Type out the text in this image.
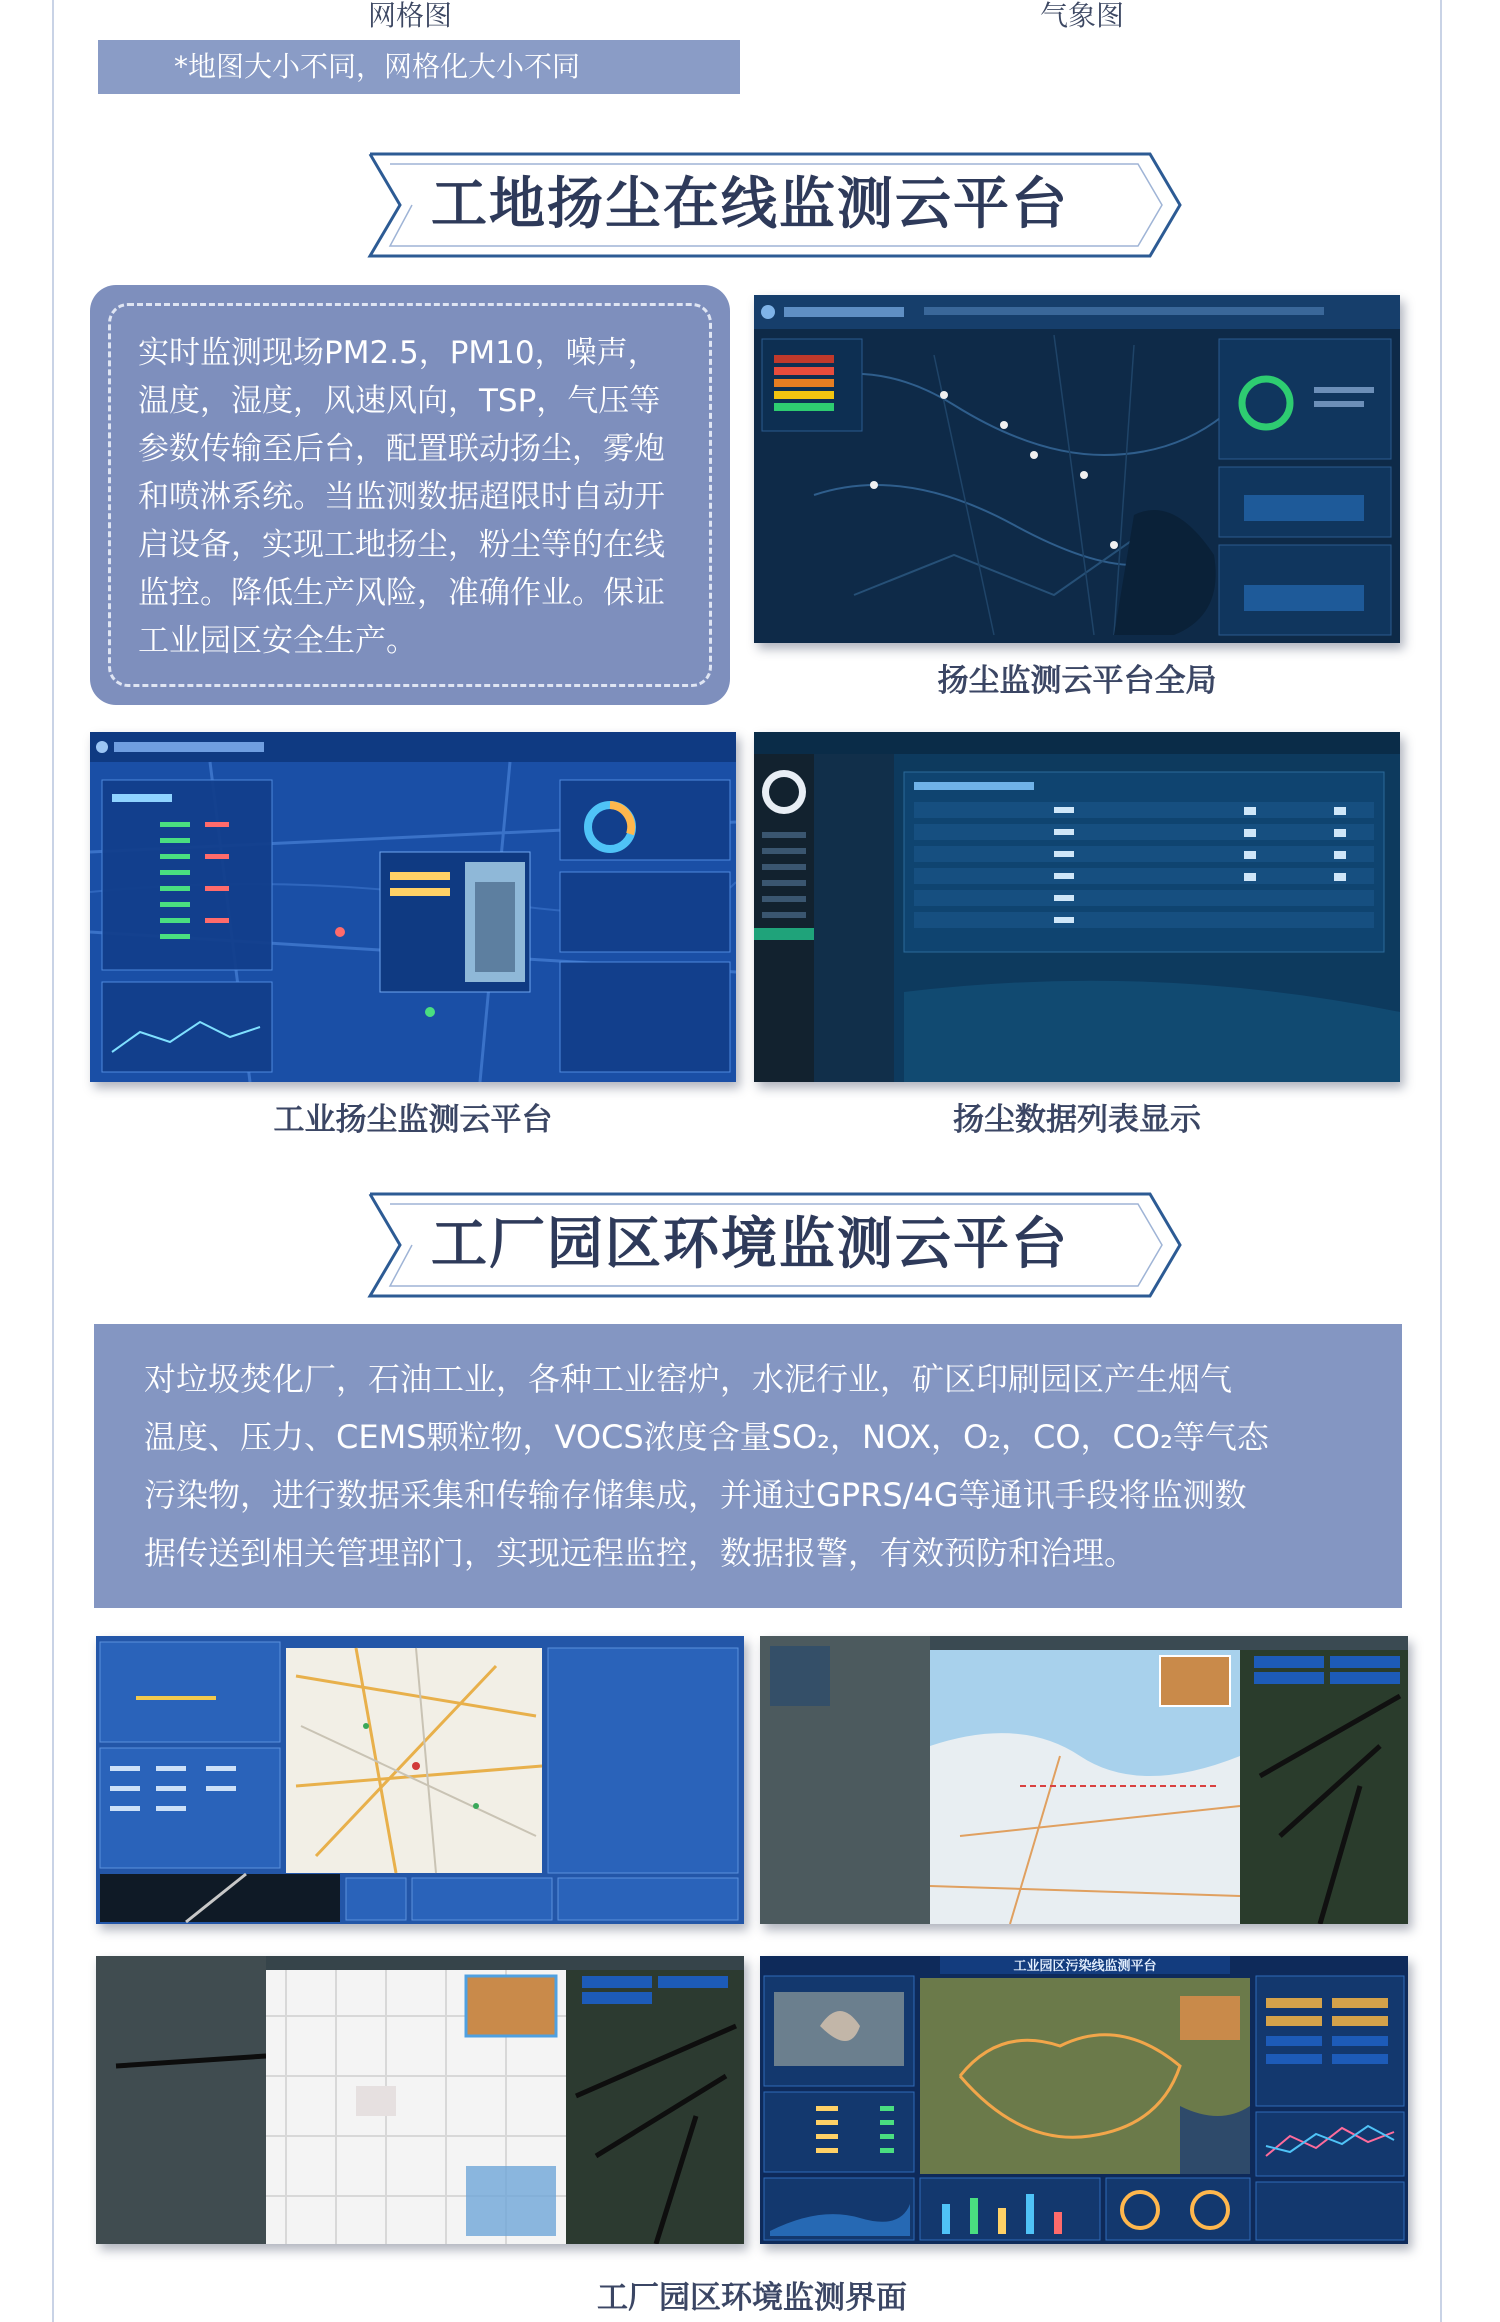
网格图	气象图
*地图大小不同，网格化大小不同
工地扬尘在线监测云平台
实时监测现场PM2.5，PM10，噪声，温度，湿度，风速风向，TSP，气压等参数传输至后台，配置联动扬尘，雾炮和喷淋系统。当监测数据超限时自动开启设备，实现工地扬尘，粉尘等的在线监控。降低生产风险，准确作业。保证工业园区安全生产。
扬尘监测云平台全局
工业扬尘监测云平台	扬尘数据列表显示
工厂园区环境监测云平台
对垃圾焚化厂，石油工业，各种工业窑炉，水泥行业，矿区印刷园区产生烟气
温度、压力、CEMS颗粒物，VOCS浓度含量SO₂，NOX，O₂，CO，CO₂等气态
污染物，进行数据采集和传输存储集成，并通过GPRS/4G等通讯手段将监测数
据传送到相关管理部门，实现远程监控，数据报警，有效预防和治理。
工业园区污染线监测平台
工厂园区环境监测界面
